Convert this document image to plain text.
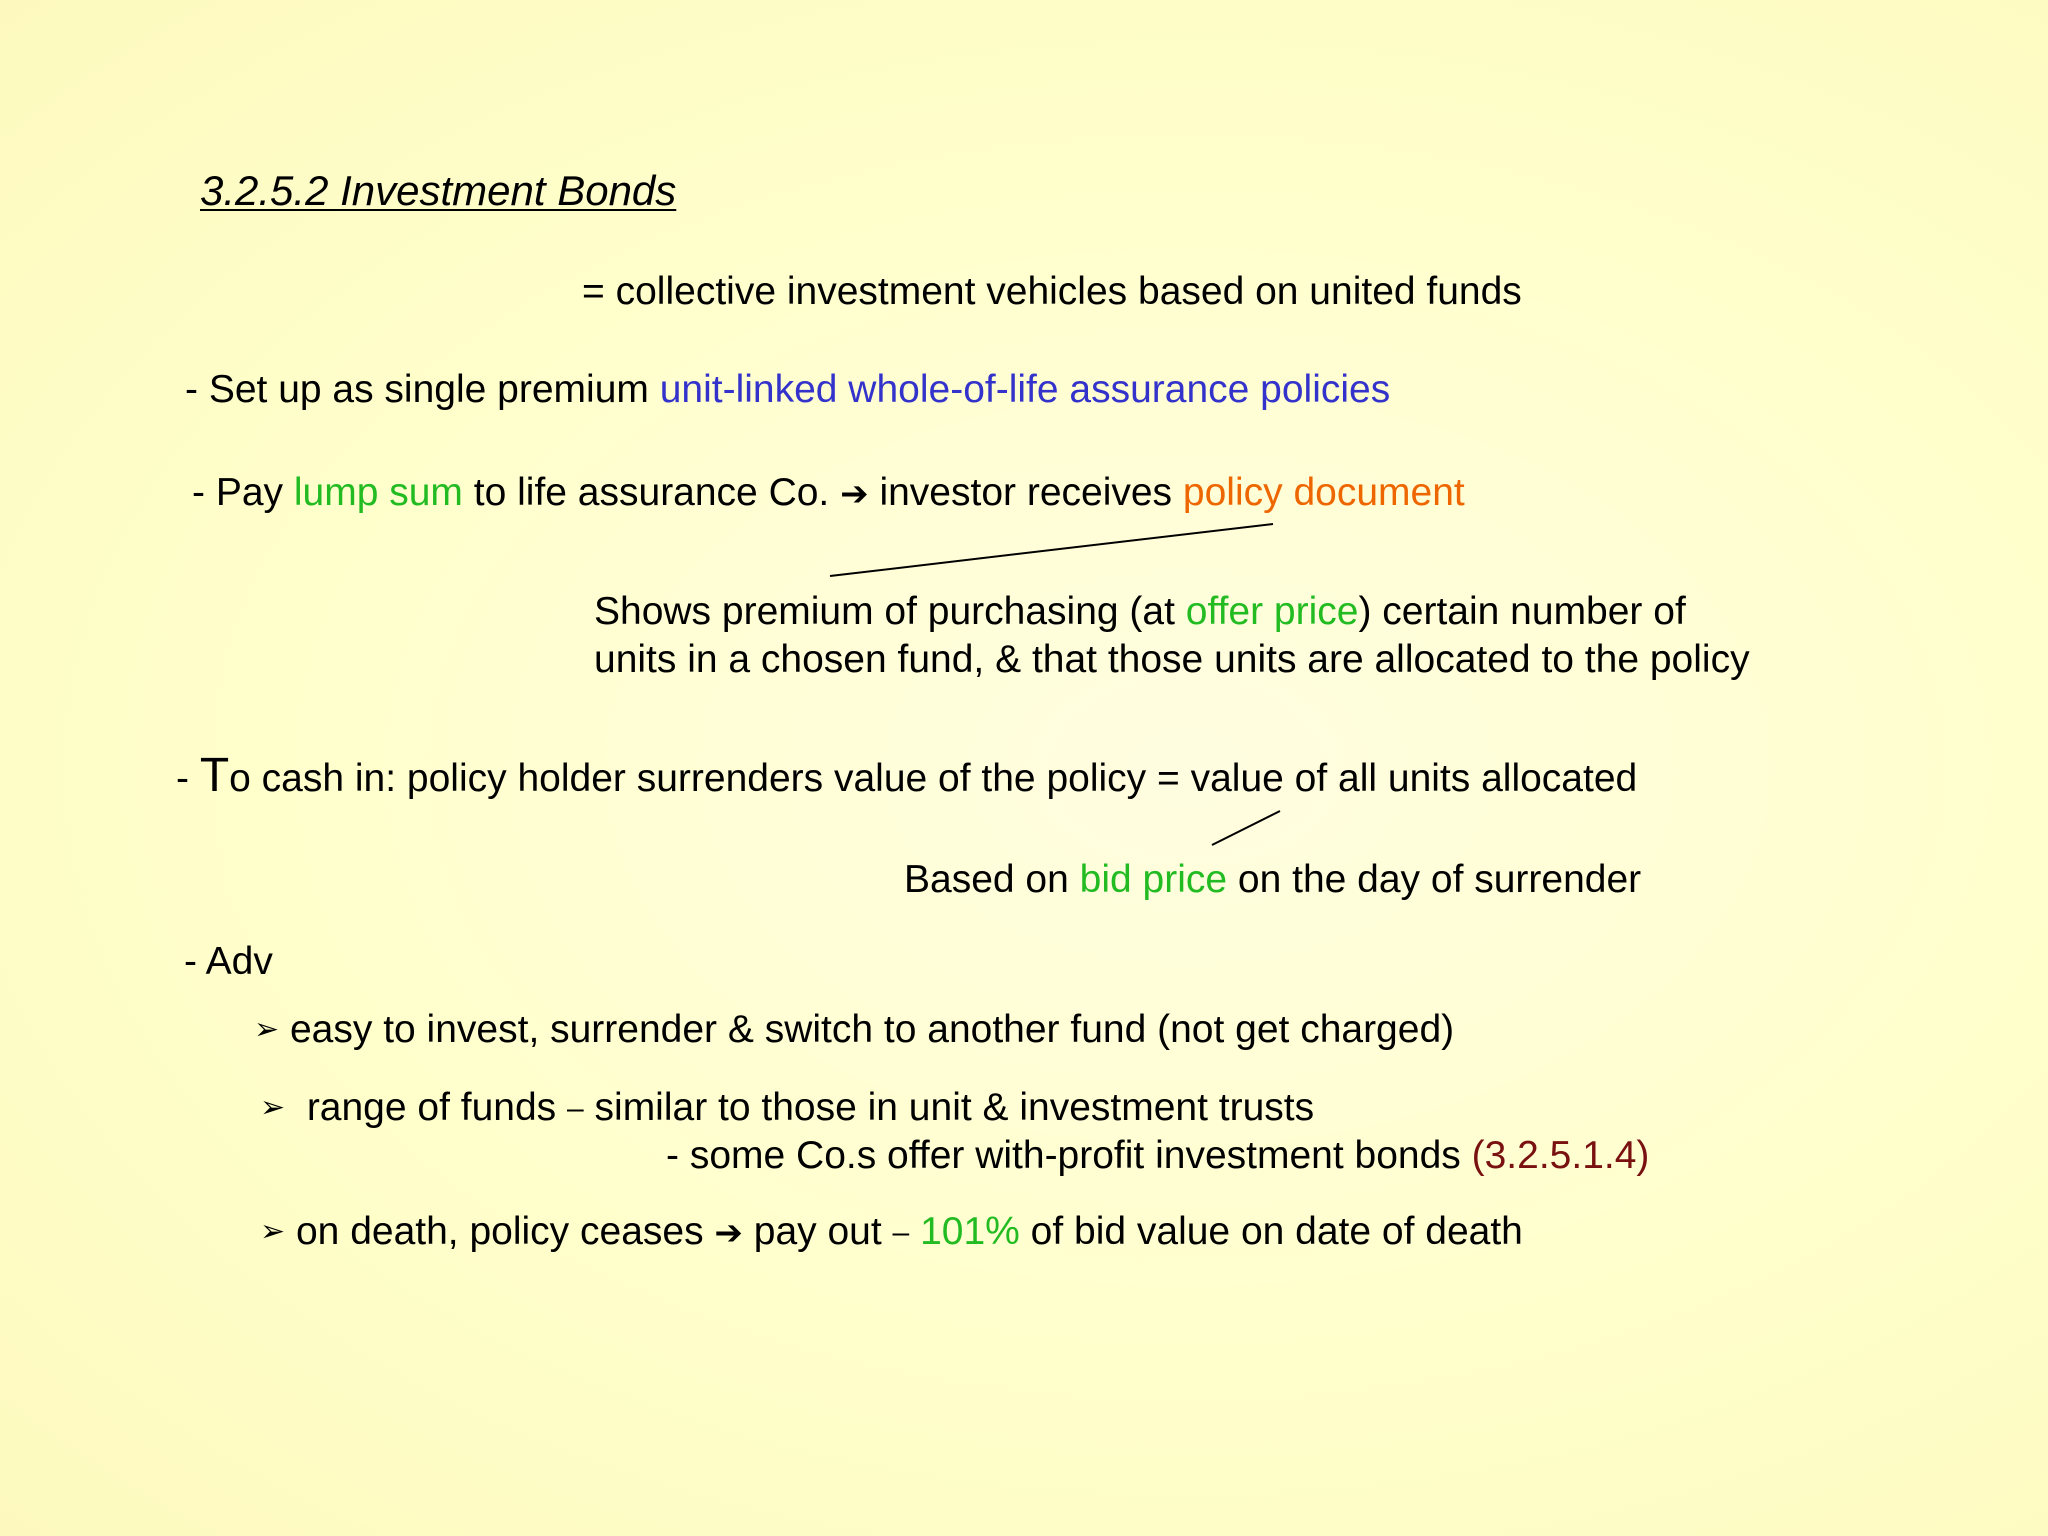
3.2.5.2 Investment Bonds
= collective investment vehicles based on united funds
- Set up as single premium unit-linked whole-of-life assurance policies
- Pay lump sum to life assurance Co. ➔ investor receives policy document
Shows premium of purchasing (at offer price) certain number of
units in a chosen fund, & that those units are allocated to the policy
- To cash in: policy holder surrenders value of the policy = value of all units allocated
Based on bid price on the day of surrender
- Adv
➢ easy to invest, surrender & switch to another fund (not get charged)
➢ range of funds – similar to those in unit & investment trusts
- some Co.s offer with-profit investment bonds (3.2.5.1.4)
➢ on death, policy ceases ➔ pay out – 101% of bid value on date of death
